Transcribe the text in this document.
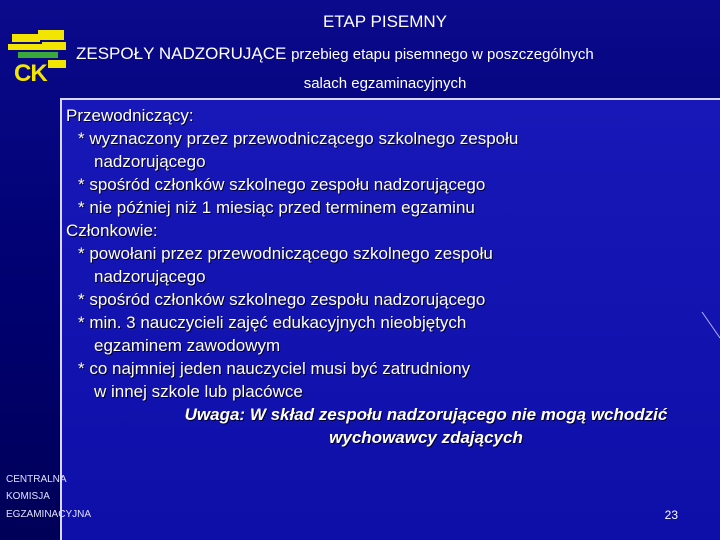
CK
ETAP PISEMNY
ZESPOŁY NADZORUJĄCE przebieg etapu pisemnego w poszczególnych
salach egzaminacyjnych
Przewodniczący:
* wyznaczony przez przewodniczącego szkolnego zespołu
nadzorującego
* spośród członków szkolnego zespołu nadzorującego
* nie później niż 1 miesiąc przed terminem egzaminu
Członkowie:
* powołani przez przewodniczącego szkolnego zespołu
nadzorującego
* spośród członków szkolnego zespołu nadzorującego
* min. 3 nauczycieli zajęć edukacyjnych nieobjętych
egzaminem zawodowym
* co najmniej jeden nauczyciel musi być zatrudniony
w innej szkole lub placówce
Uwaga: W skład zespołu nadzorującego nie mogą wchodzić
wychowawcy zdających
CENTRALNA
KOMISJA
EGZAMINACYJNA	23
